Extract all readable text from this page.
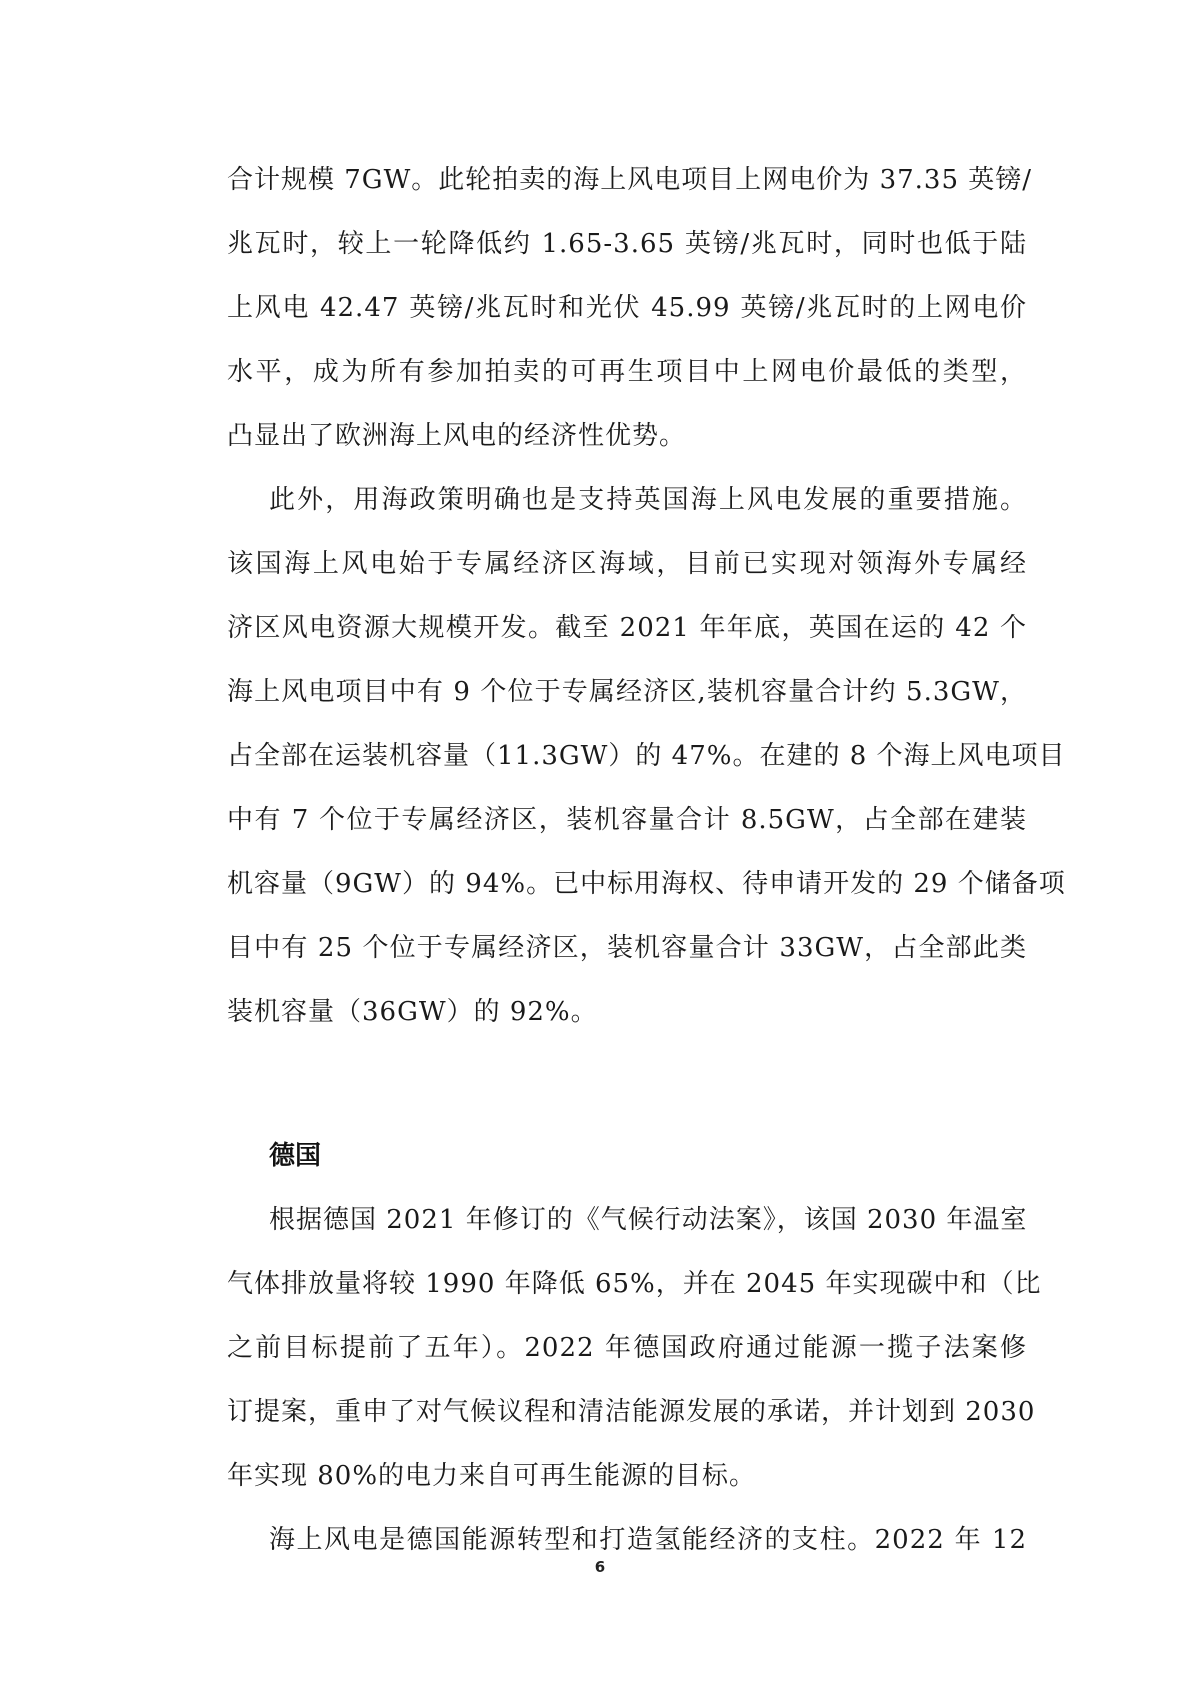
合计规模 7GW。此轮拍卖的海上风电项目上网电价为 37.35 英镑/
兆瓦时，较上一轮降低约 1.65-3.65 英镑/兆瓦时，同时也低于陆
上风电 42.47 英镑/兆瓦时和光伏 45.99 英镑/兆瓦时的上网电价
水平，成为所有参加拍卖的可再生项目中上网电价最低的类型，
凸显出了欧洲海上风电的经济性优势。
此外，用海政策明确也是支持英国海上风电发展的重要措施。
该国海上风电始于专属经济区海域，目前已实现对领海外专属经
济区风电资源大规模开发。截至 2021 年年底，英国在运的 42 个
海上风电项目中有 9 个位于专属经济区,装机容量合计约 5.3GW，
占全部在运装机容量（11.3GW）的 47%。在建的 8 个海上风电项目
中有 7 个位于专属经济区，装机容量合计 8.5GW，占全部在建装
机容量（9GW）的 94%。已中标用海权、待申请开发的 29 个储备项
目中有 25 个位于专属经济区，装机容量合计 33GW，占全部此类
装机容量（36GW）的 92%。
德国
根据德国 2021 年修订的《气候行动法案》，该国 2030 年温室
气体排放量将较 1990 年降低 65%，并在 2045 年实现碳中和（比
之前目标提前了五年）。2022 年德国政府通过能源一揽子法案修
订提案，重申了对气候议程和清洁能源发展的承诺，并计划到 2030
年实现 80%的电力来自可再生能源的目标。
海上风电是德国能源转型和打造氢能经济的支柱。2022 年 12
6
